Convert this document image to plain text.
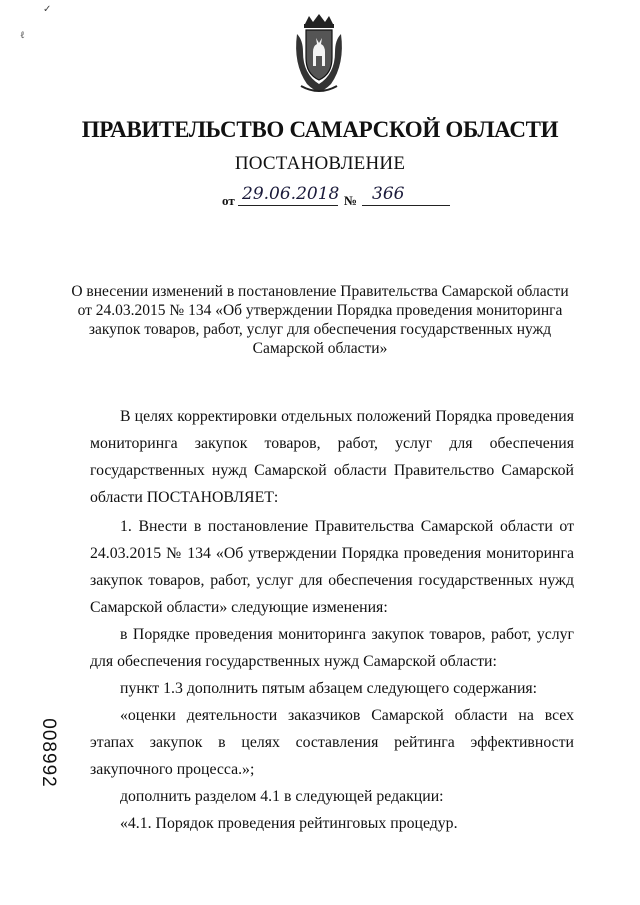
✓
ℓ
ПРАВИТЕЛЬСТВО САМАРСКОЙ ОБЛАСТИ
ПОСТАНОВЛЕНИЕ
от 29.06.2018 № 366
О внесении изменений в постановление Правительства Самарской области от 24.03.2015 № 134 «Об утверждении Порядка проведения мониторинга закупок товаров, работ, услуг для обеспечения государственных нужд Самарской области»
В целях корректировки отдельных положений Порядка проведения мониторинга закупок товаров, работ, услуг для обеспечения государственных нужд Самарской области Правительство Самарской области ПОСТАНОВЛЯЕТ:
1. Внести в постановление Правительства Самарской области от 24.03.2015 № 134 «Об утверждении Порядка проведения мониторинга закупок товаров, работ, услуг для обеспечения государственных нужд Самарской области» следующие изменения:
в Порядке проведения мониторинга закупок товаров, работ, услуг для обеспечения государственных нужд Самарской области:
пункт 1.3 дополнить пятым абзацем следующего содержания:
«оценки деятельности заказчиков Самарской области на всех этапах закупок в целях составления рейтинга эффективности закупочного процесса.»;
дополнить разделом 4.1 в следующей редакции:
«4.1. Порядок проведения рейтинговых процедур.
008992
